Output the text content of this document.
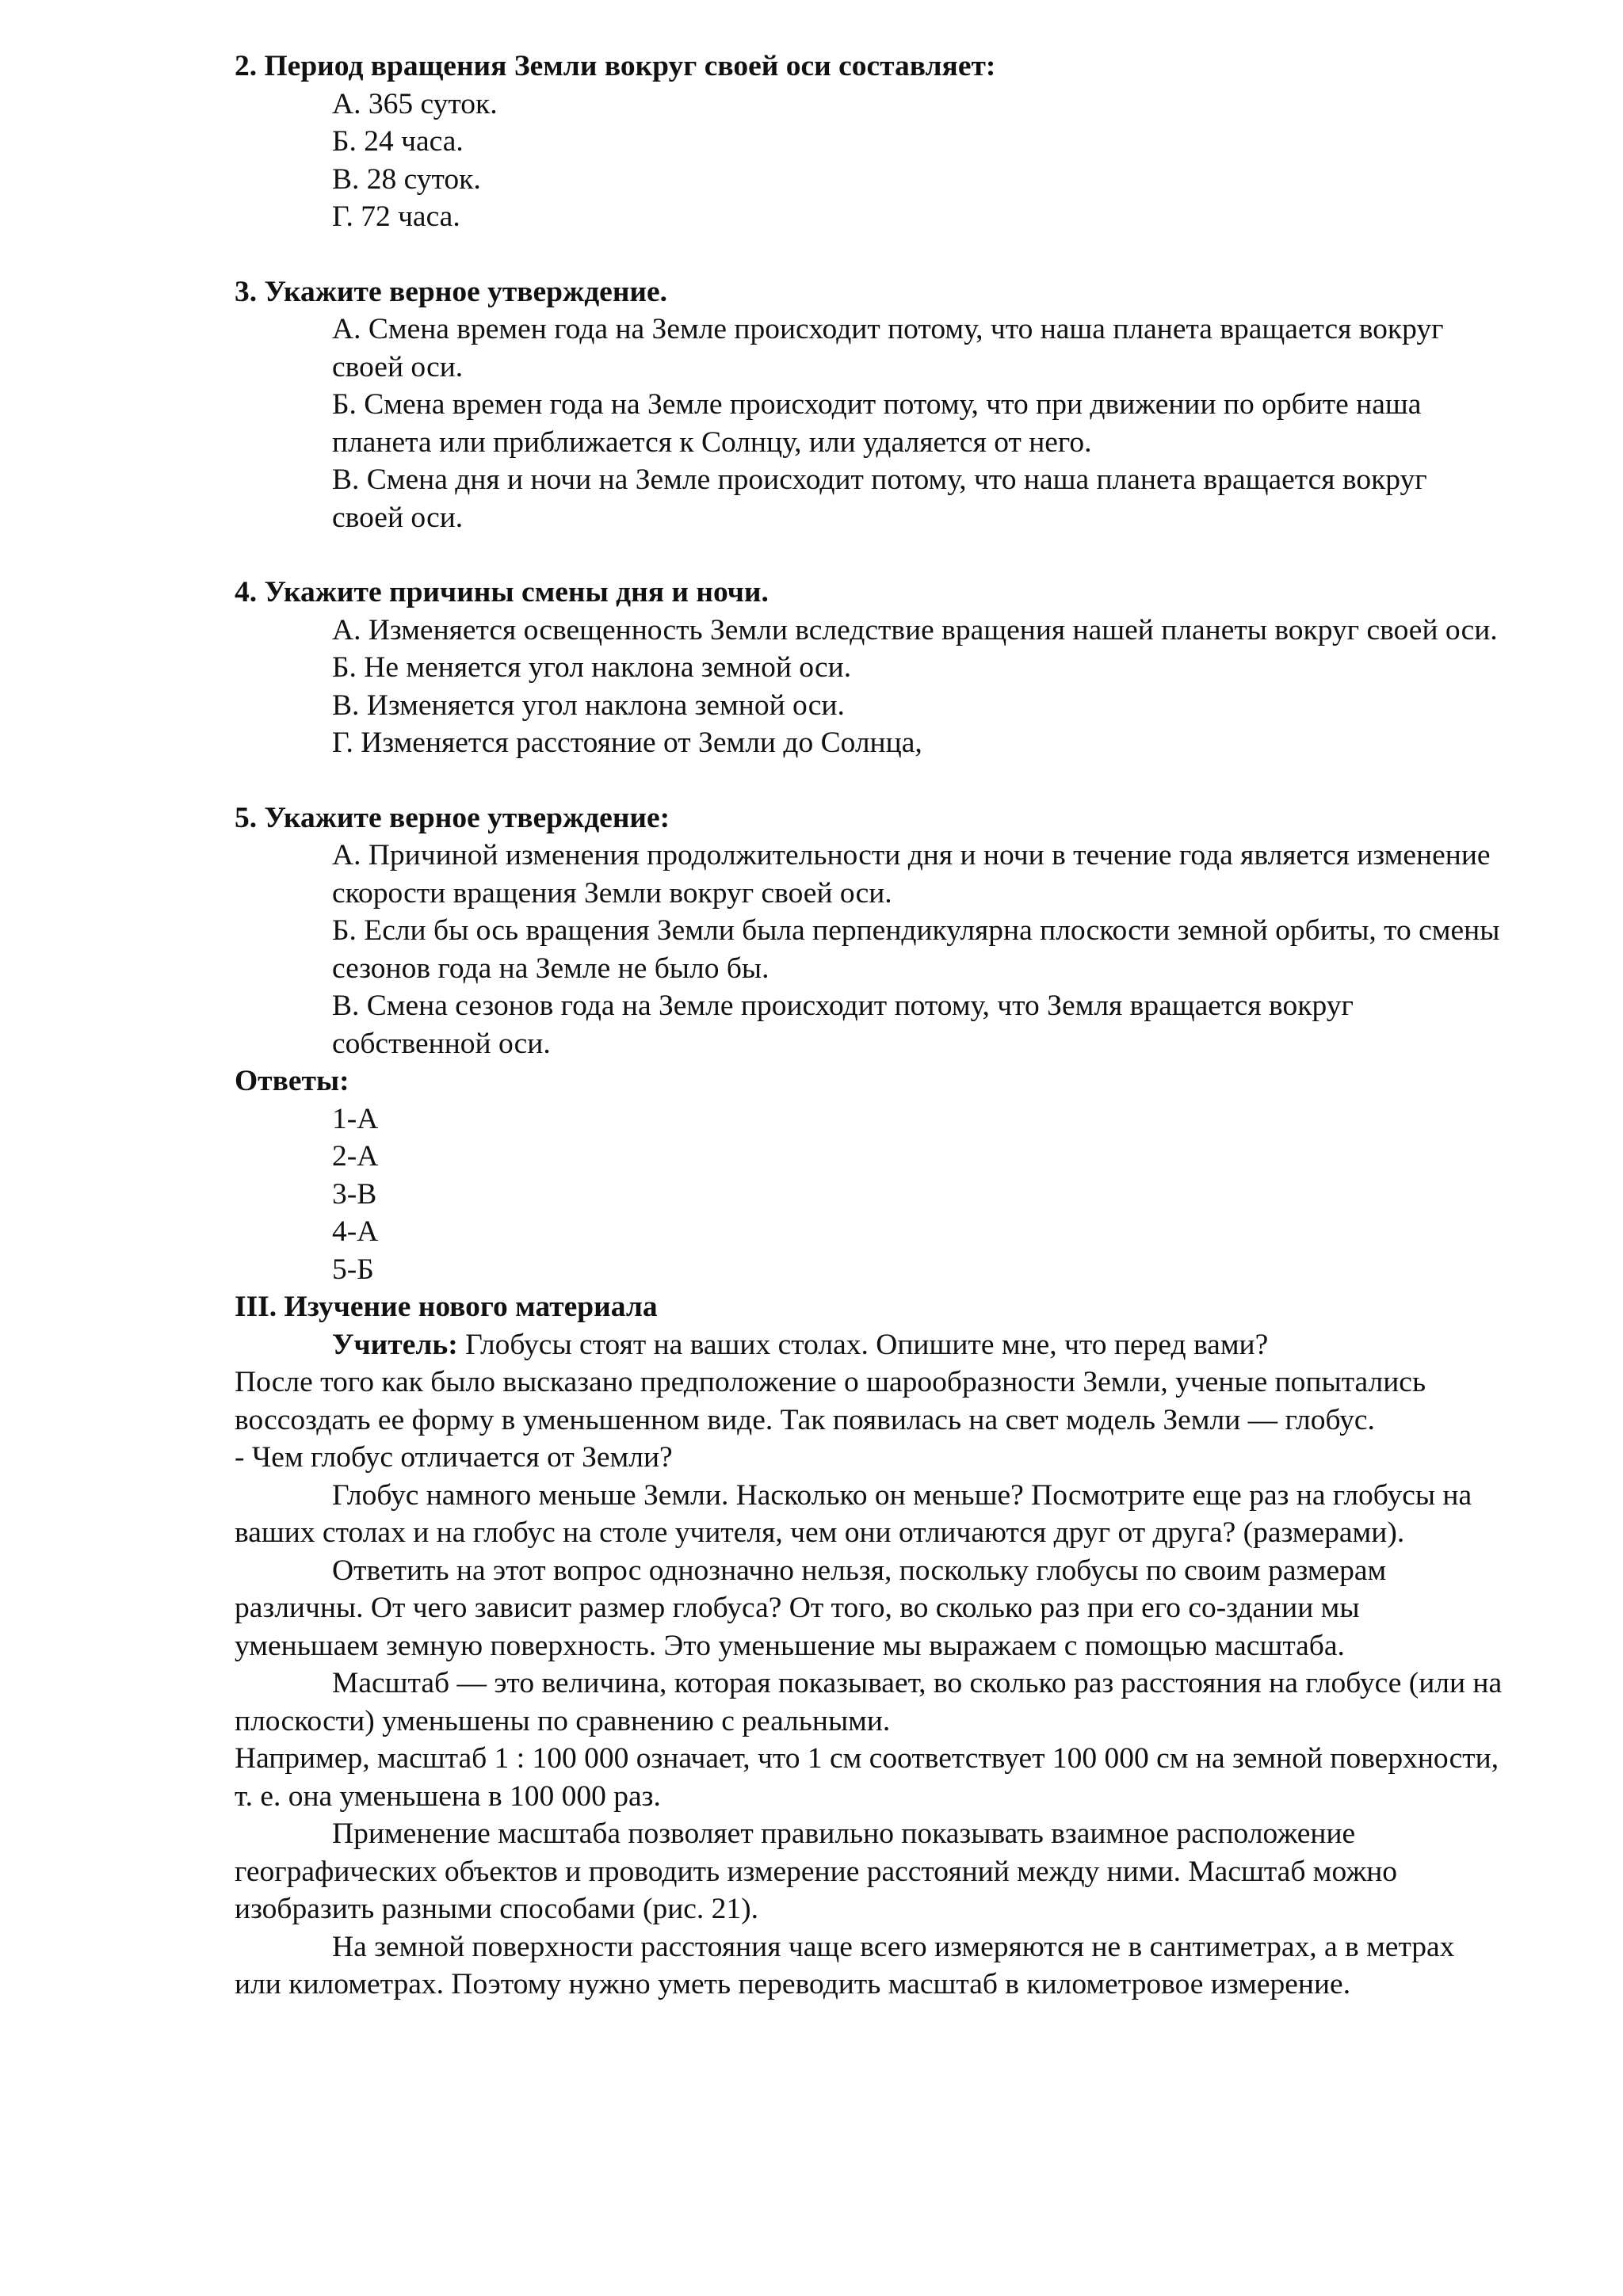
2. Период вращения Земли вокруг своей оси составляет:

А. 365 суток.

Б. 24 часа.

В. 28 суток.

Г. 72 часа.

3. Укажите верное утверждение.

А. Смена времен года на Земле происходит потому, что наша планета вращается вокруг своей оси.

Б. Смена времен года на Земле происходит потому, что при движении по орбите наша планета или приближается к Солнцу, или удаляется от него.

В. Смена дня и ночи на Земле происходит потому, что наша планета вращается вокруг своей оси.

4. Укажите причины смены дня и ночи.

А. Изменяется освещенность Земли вследствие вращения нашей планеты вокруг своей оси.

Б. Не меняется угол наклона земной оси.

В. Изменяется угол наклона земной оси.

Г. Изменяется расстояние от Земли до Солнца,

5. Укажите верное утверждение:

А. Причиной изменения продолжительности дня и ночи в течение года является изменение скорости вращения Земли вокруг своей оси.

Б. Если бы ось вращения Земли была перпендикулярна плоскости земной орбиты, то смены сезонов года на Земле не было бы.

В. Смена сезонов года на Земле происходит потому, что Земля вращается вокруг собственной оси.

Ответы:

1-А

2-А

3-В

4-А

5-Б

III. Изучение нового материала

Учитель: Глобусы стоят на ваших столах. Опишите мне, что перед вами?

После того как было высказано предположение о шарообразности Земли, ученые попытались воссоздать ее форму в уменьшенном виде. Так появилась на свет модель Земли — глобус.

- Чем глобус отличается от Земли?

Глобус намного меньше Земли. Насколько он меньше? Посмотрите еще раз на глобусы на ваших столах и на глобус на столе учителя, чем они отличаются друг от друга? (размерами).

Ответить на этот вопрос однозначно нельзя, поскольку глобусы по своим размерам различны. От чего зависит размер глобуса? От того, во сколько раз при его со-здании мы уменьшаем земную поверхность. Это уменьшение мы выражаем с помощью масштаба.

Масштаб — это величина, которая показывает, во сколько раз расстояния на глобусе (или на плоскости) уменьшены по сравнению с реальными.

Например, масштаб 1 : 100 000 означает, что 1 см соответствует 100 000 см на земной поверхности, т. е. она уменьшена в 100 000 раз.

Применение масштаба позволяет правильно показывать взаимное расположение географических объектов и проводить измерение расстояний между ними. Масштаб можно изобразить разными способами (рис. 21).

На земной поверхности расстояния чаще всего измеряются не в сантиметрах, а в метрах или километрах. Поэтому нужно уметь переводить масштаб в километровое измерение.
